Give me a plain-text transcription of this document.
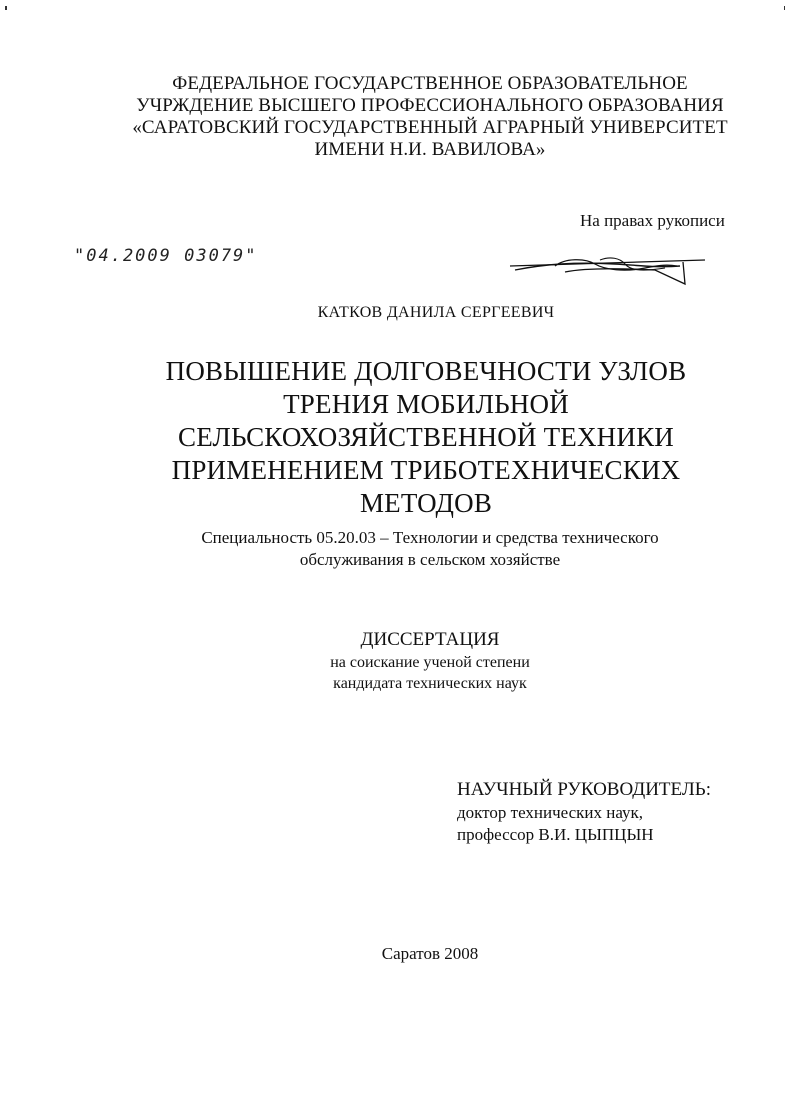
ФЕДЕРАЛЬНОЕ ГОСУДАРСТВЕННОЕ ОБРАЗОВАТЕЛЬНОЕ
УЧРЖДЕНИЕ ВЫСШЕГО ПРОФЕССИОНАЛЬНОГО ОБРАЗОВАНИЯ
«САРАТОВСКИЙ ГОСУДАРСТВЕННЫЙ АГРАРНЫЙ УНИВЕРСИТЕТ
ИМЕНИ Н.И. ВАВИЛОВА»
На правах рукописи
"04.2009 03079"
КАТКОВ ДАНИЛА СЕРГЕЕВИЧ
ПОВЫШЕНИЕ ДОЛГОВЕЧНОСТИ УЗЛОВ
ТРЕНИЯ МОБИЛЬНОЙ
СЕЛЬСКОХОЗЯЙСТВЕННОЙ ТЕХНИКИ
ПРИМЕНЕНИЕМ ТРИБОТЕХНИЧЕСКИХ
МЕТОДОВ
Специальность 05.20.03 – Технологии и средства технического
обслуживания в сельском хозяйстве
ДИССЕРТАЦИЯ
на соискание ученой степени
кандидата технических наук
НАУЧНЫЙ РУКОВОДИТЕЛЬ:
доктор технических наук,
профессор В.И. ЦЫПЦЫН
Саратов 2008
